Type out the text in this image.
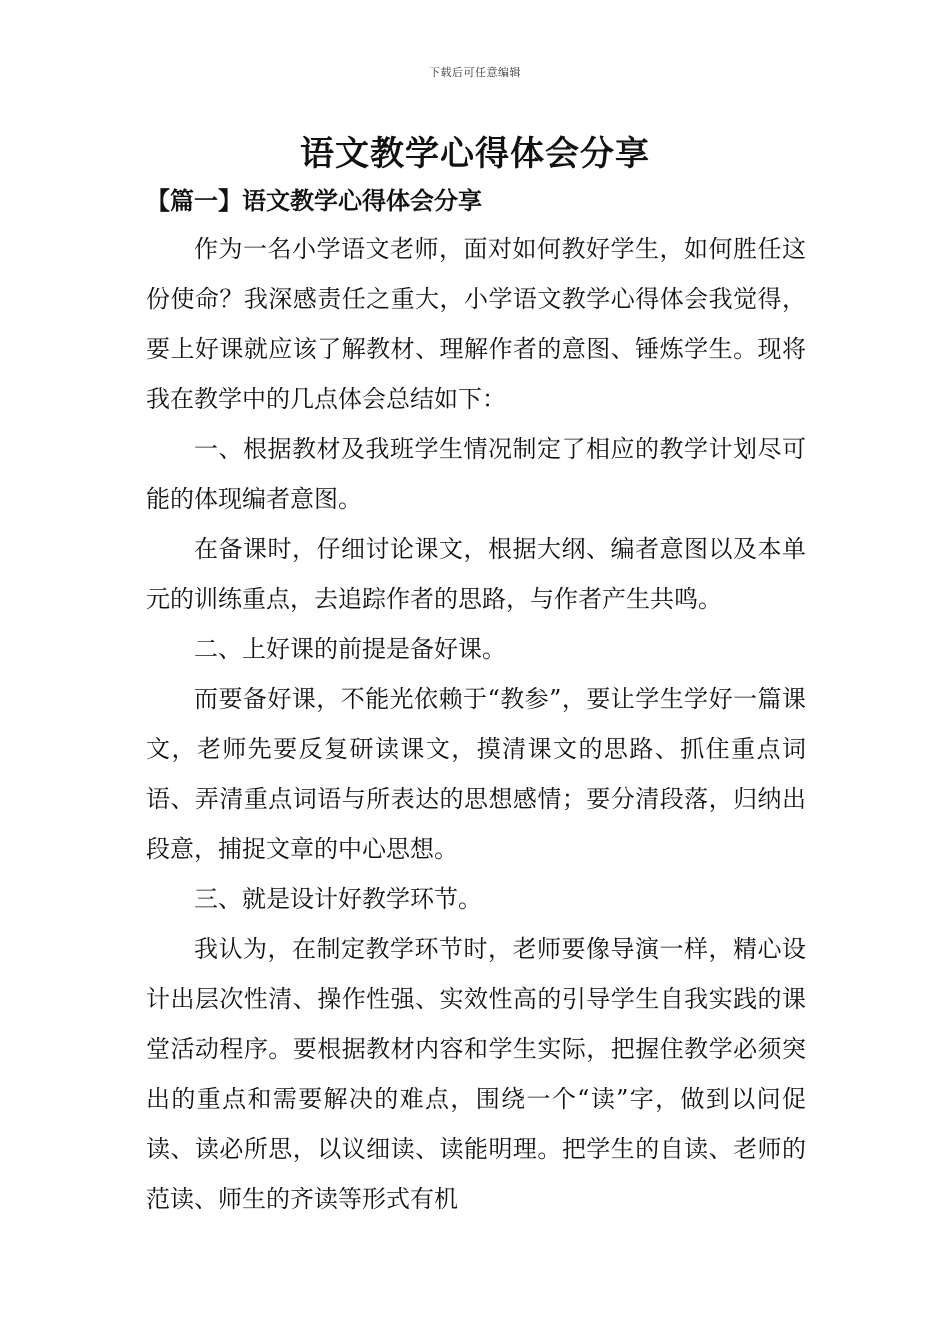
下载后可任意编辑
语文教学心得体会分享
【篇一】语文教学心得体会分享

作为一名小学语文老师，面对如何教好学生，如何胜任这份使命？我深感责任之重大，小学语文教学心得体会我觉得，要上好课就应该了解教材、理解作者的意图、锤炼学生。现将我在教学中的几点体会总结如下：

一、根据教材及我班学生情况制定了相应的教学计划尽可能的体现编者意图。

在备课时，仔细讨论课文，根据大纲、编者意图以及本单元的训练重点，去追踪作者的思路，与作者产生共鸣。

二、上好课的前提是备好课。

而要备好课，不能光依赖于“教参”，要让学生学好一篇课文，老师先要反复研读课文，摸清课文的思路、抓住重点词语、弄清重点词语与所表达的思想感情；要分清段落，归纳出段意，捕捉文章的中心思想。

三、就是设计好教学环节。

我认为，在制定教学环节时，老师要像导演一样，精心设计出层次性清、操作性强、实效性高的引导学生自我实践的课堂活动程序。要根据教材内容和学生实际，把握住教学必须突出的重点和需要解决的难点，围绕一个“读”字，做到以问促读、读必所思，以议细读、读能明理。把学生的自读、老师的范读、师生的齐读等形式有机
